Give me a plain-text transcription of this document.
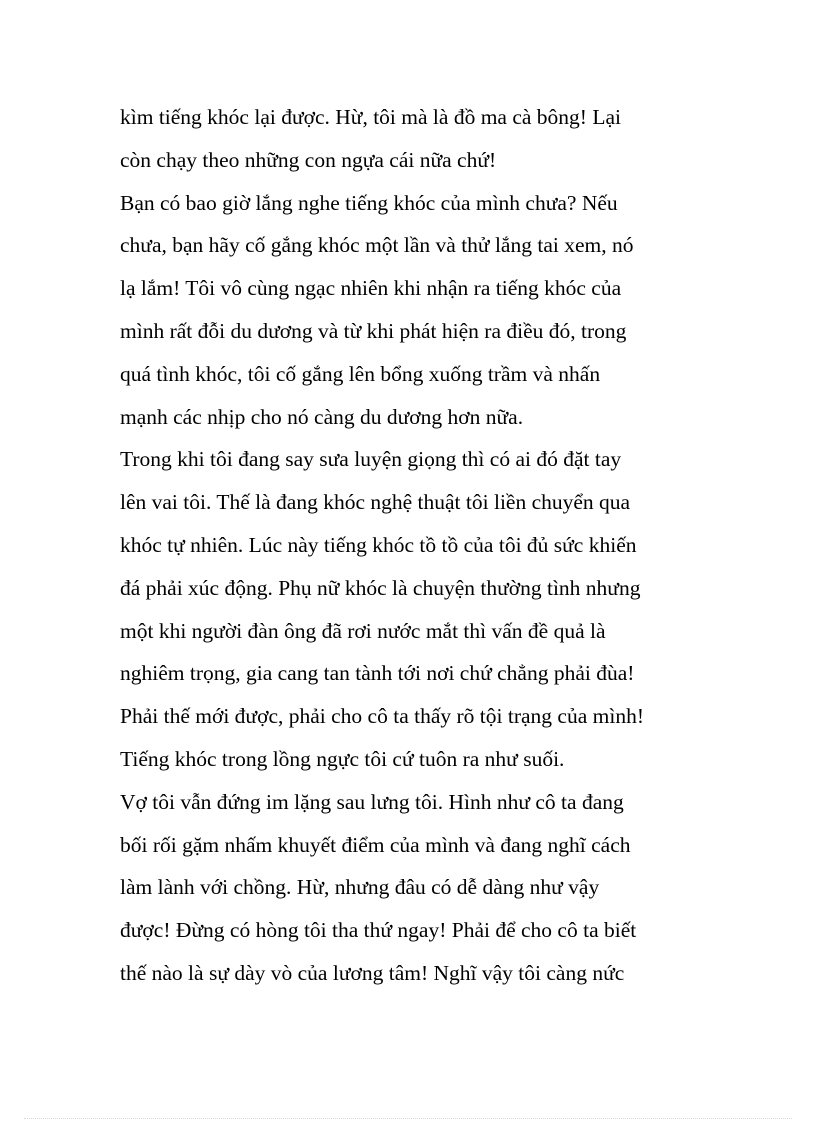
kìm tiếng khóc lại được. Hừ, tôi mà là đồ ma cà bông! Lại
còn chạy theo những con ngựa cái nữa chứ!
Bạn có bao giờ lắng nghe tiếng khóc của mình chưa? Nếu
chưa, bạn hãy cố gắng khóc một lần và thử lắng tai xem, nó
lạ lắm! Tôi vô cùng ngạc nhiên khi nhận ra tiếng khóc của
mình rất đỗi du dương và từ khi phát hiện ra điều đó, trong
quá tình khóc, tôi cố gắng lên bổng xuống trầm và nhấn
mạnh các nhịp cho nó càng du dương hơn nữa.
Trong khi tôi đang say sưa luyện giọng thì có ai đó đặt tay
lên vai tôi. Thế là đang khóc nghệ thuật tôi liền chuyển qua
khóc tự nhiên. Lúc này tiếng khóc tồ tồ của tôi đủ sức khiến
đá phải xúc động. Phụ nữ khóc là chuyện thường tình nhưng
một khi người đàn ông đã rơi nước mắt thì vấn đề quả là
nghiêm trọng, gia cang tan tành tới nơi chứ chẳng phải đùa!
Phải thế mới được, phải cho cô ta thấy rõ tội trạng của mình!
Tiếng khóc trong lồng ngực tôi cứ tuôn ra như suối.
Vợ tôi vẫn đứng im lặng sau lưng tôi. Hình như cô ta đang
bối rối gặm nhấm khuyết điểm của mình và đang nghĩ cách
làm lành với chồng. Hừ, nhưng đâu có dễ dàng như vậy
được! Đừng có hòng tôi tha thứ ngay! Phải để cho cô ta biết
thế nào là sự dày vò của lương tâm! Nghĩ vậy tôi càng nức
